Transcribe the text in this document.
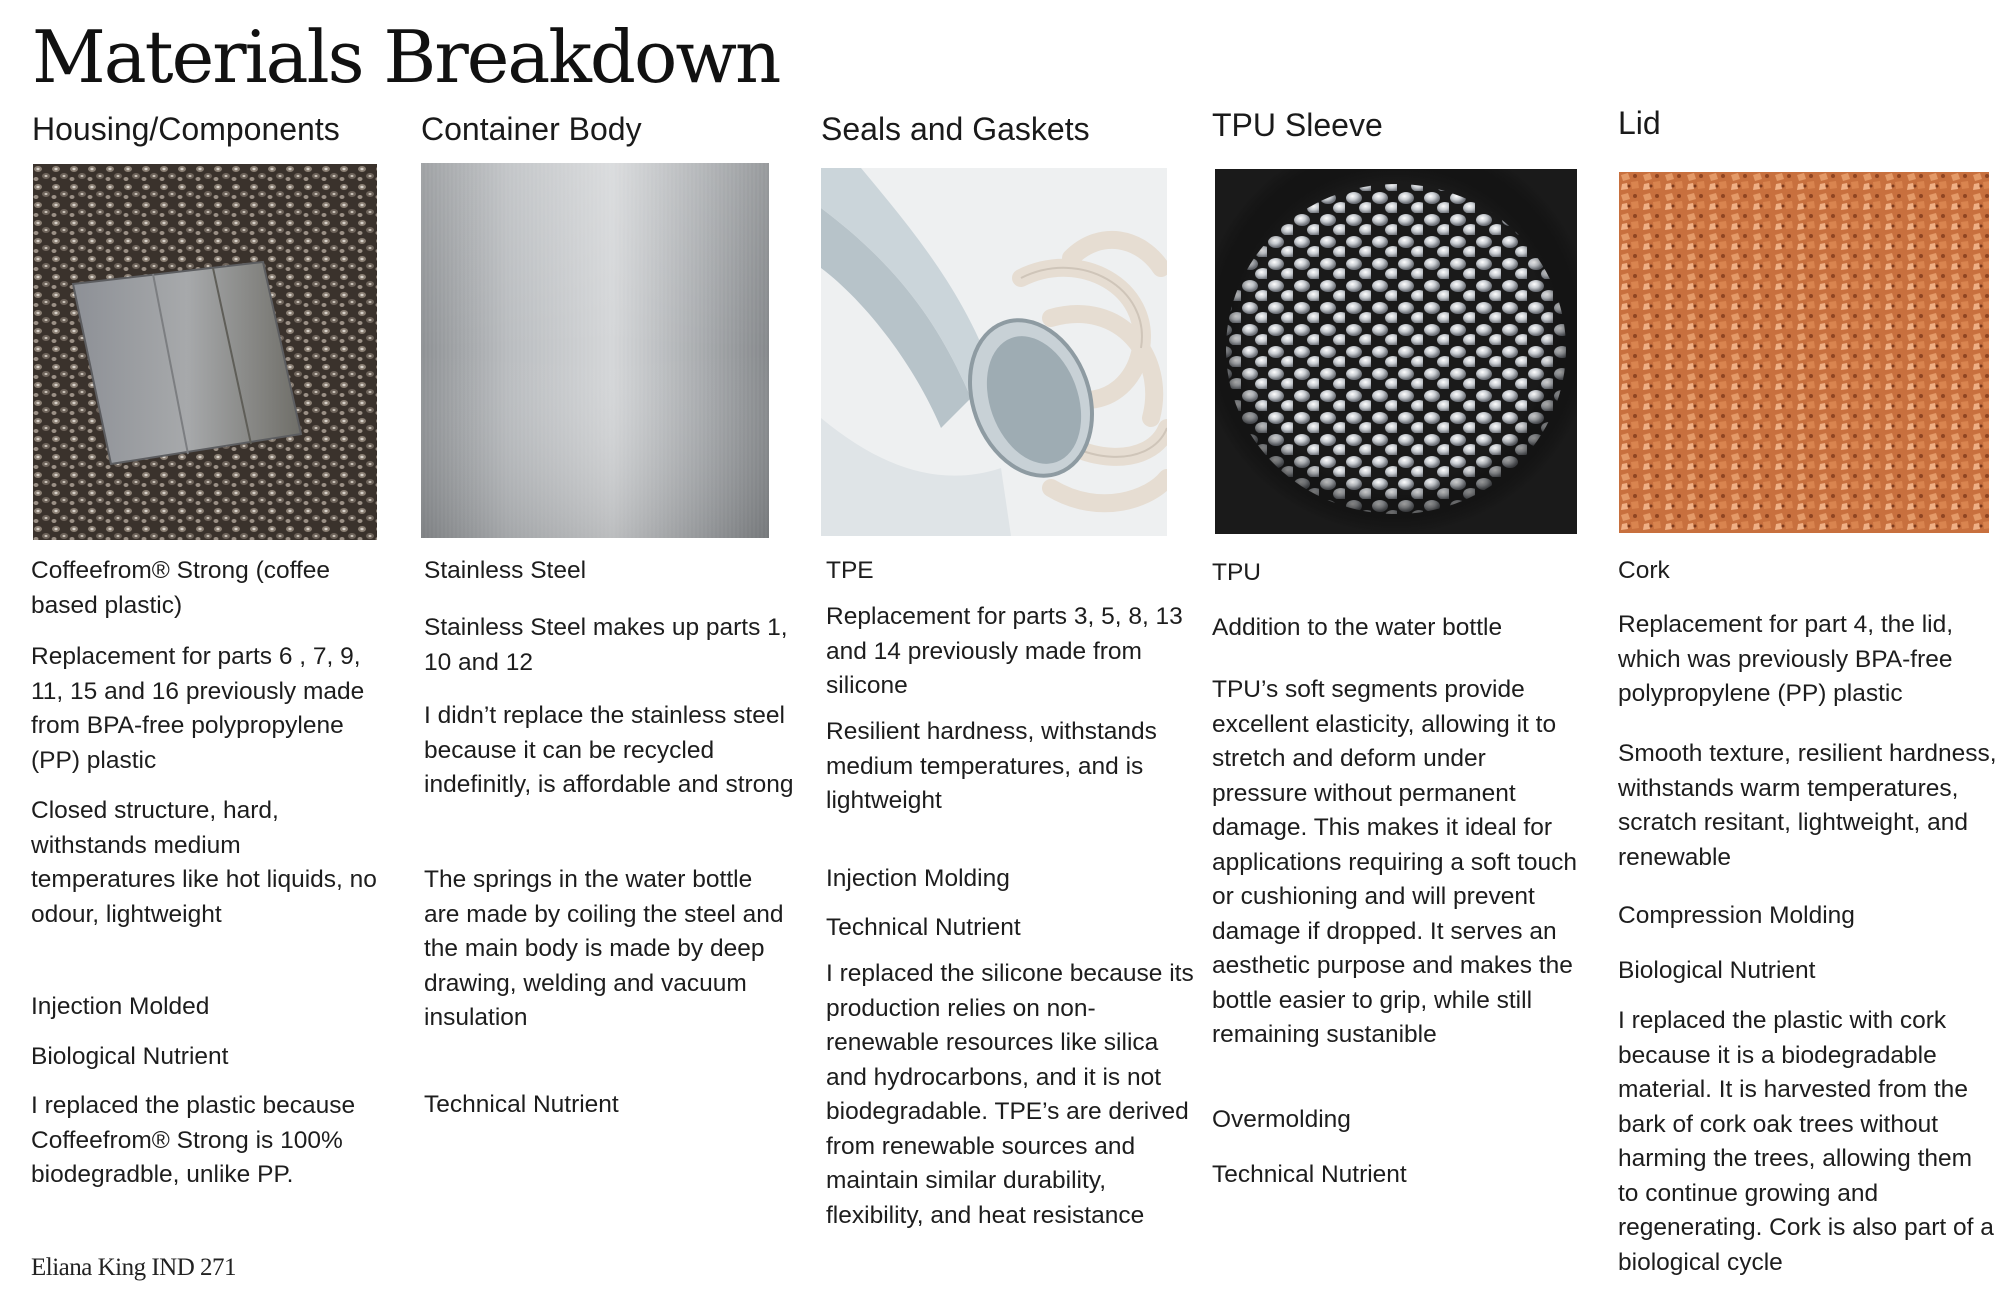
Materials Breakdown
Housing/Components

Coffeefrom® Strong (coffee based plastic)

Replacement for parts 6 , 7, 9, 11, 15 and 16 previously made from BPA-free polypropylene (PP) plastic

Closed structure, hard, withstands medium temperatures like hot liquids, no odour, lightweight

Injection Molded

Biological Nutrient

I replaced the plastic because Coffeefrom® Strong is 100% biodegradble, unlike PP.

Container Body

Stainless Steel

Stainless Steel makes up parts 1, 10 and 12

I didn’t replace the stainless steel because it can be recycled indefinitly, is affordable and strong

The springs in the water bottle are made by coiling the steel and the main body is made by deep drawing, welding and vacuum insulation

Technical Nutrient

Seals and Gaskets

TPE

Replacement for parts 3, 5, 8, 13 and 14 previously made from silicone

Resilient hardness, withstands medium temperatures, and is lightweight

Injection Molding

Technical Nutrient

I replaced the silicone because its production relies on non-renewable resources like silica and hydrocarbons, and it is not biodegradable. TPE’s are derived from renewable sources and maintain similar durability, flexibility, and heat resistance

TPU Sleeve

TPU

Addition to the water bottle

TPU’s soft segments provide excellent elasticity, allowing it to stretch and deform under pressure without permanent damage. This makes it ideal for applications requiring a soft touch or cushioning and will prevent damage if dropped. It serves an aesthetic purpose and makes the bottle easier to grip, while still remaining sustanible

Overmolding

Technical Nutrient

Lid

Cork

Replacement for part 4, the lid, which was previously BPA-free polypropylene (PP) plastic

Smooth texture, resilient hardness, withstands warm temperatures, scratch resitant, lightweight, and renewable

Compression Molding

Biological Nutrient

I replaced the plastic with cork because it is a biodegradable material. It is harvested from the bark of cork oak trees without harming the trees, allowing them to continue growing and regenerating. Cork is also part of a biological cycle

Eliana King IND 271
